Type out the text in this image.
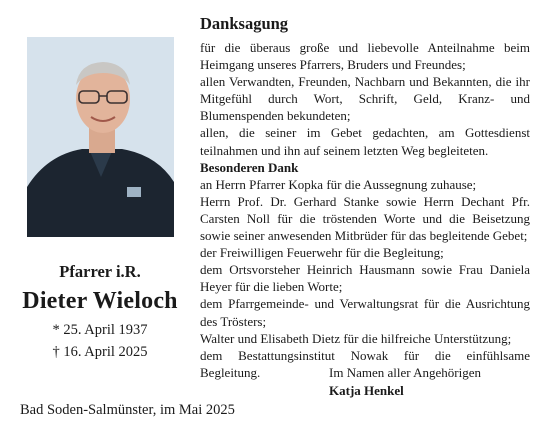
Pfarrer i.R.
Dieter Wieloch
* 25. April 1937
† 16. April 2025
Bad Soden-Salmünster, im Mai 2025
Danksagung

für die überaus große und liebevolle Anteilnahme beim Heimgang unseres Pfarrers, Bruders und Freundes;

allen Verwandten, Freunden, Nachbarn und Bekannten, die ihr Mitgefühl durch Wort, Schrift, Geld, Kranz- und Blumenspenden bekundeten;

allen, die seiner im Gebet gedachten, am Gottesdienst teilnahmen und ihn auf seinem letzten Weg begleiteten.

Besonderen Dank

an Herrn Pfarrer Kopka für die Aussegnung zuhause;

Herrn Prof. Dr. Gerhard Stanke sowie Herrn Dechant Pfr. Carsten Noll für die tröstenden Worte und die Beisetzung sowie seiner anwesenden Mitbrüder für das begleitende Gebet;

der Freiwilligen Feuerwehr für die Begleitung;

dem Ortsvorsteher Heinrich Hausmann sowie Frau Daniela Heyer für die lieben Worte;

dem Pfarrgemeinde- und Verwaltungsrat für die Ausrichtung des Trösters;

Walter und Elisabeth Dietz für die hilfreiche Unterstützung;

dem Bestattungsinstitut Nowak für die einfühlsame Begleitung.	Im Namen aller Angehörigen
Katja Henkel
